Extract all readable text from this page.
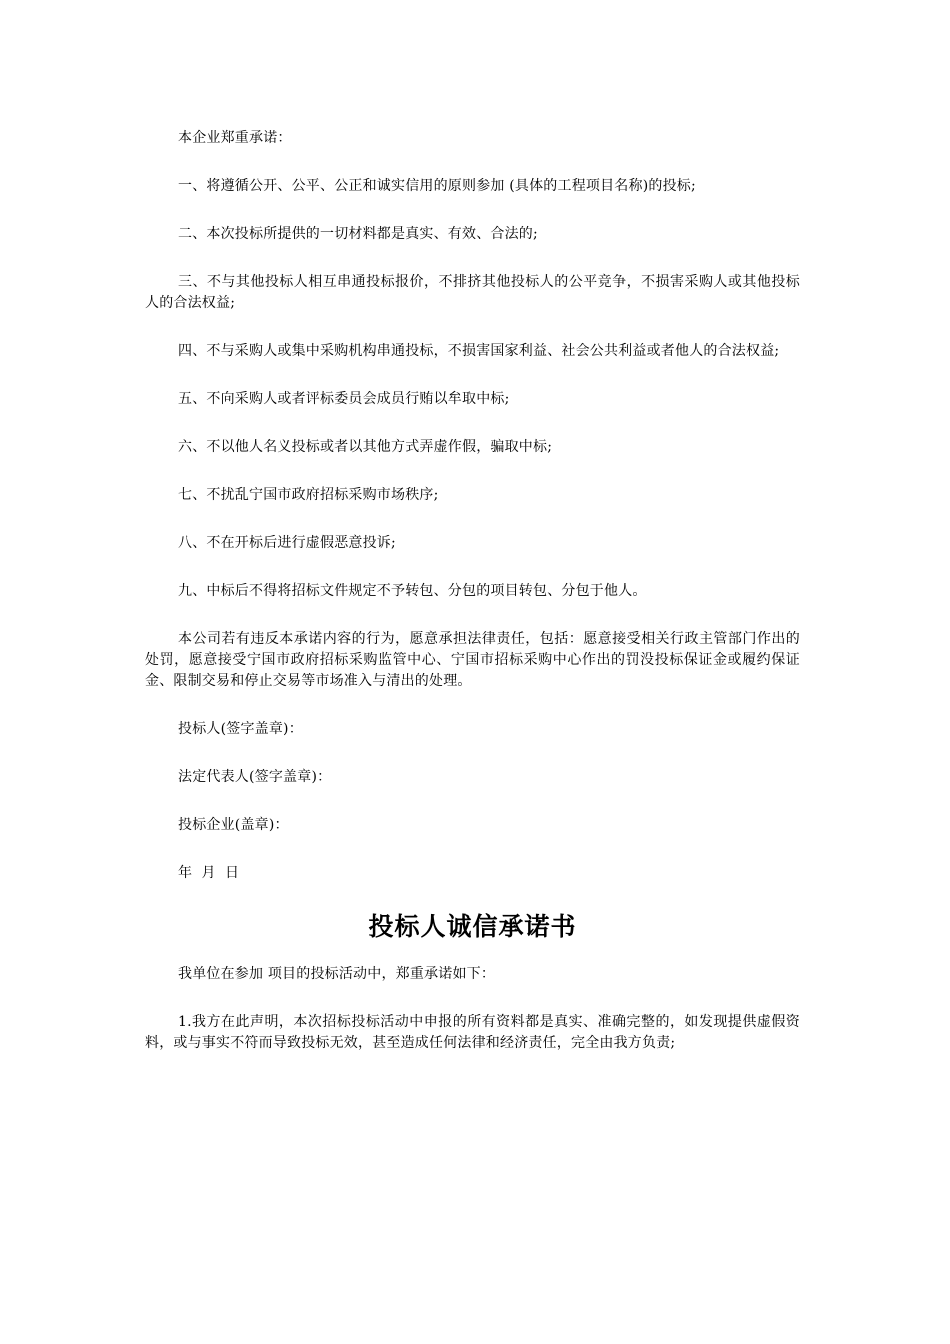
本企业郑重承诺：

一、将遵循公开、公平、公正和诚实信用的原则参加 (具体的工程项目名称)的投标;

二、本次投标所提供的一切材料都是真实、有效、合法的;

三、不与其他投标人相互串通投标报价，不排挤其他投标人的公平竞争，不损害采购人或其他投标人的合法权益;

四、不与采购人或集中采购机构串通投标，不损害国家利益、社会公共利益或者他人的合法权益;

五、不向采购人或者评标委员会成员行贿以牟取中标;

六、不以他人名义投标或者以其他方式弄虚作假，骗取中标;

七、不扰乱宁国市政府招标采购市场秩序;

八、不在开标后进行虚假恶意投诉;

九、中标后不得将招标文件规定不予转包、分包的项目转包、分包于他人。

本公司若有违反本承诺内容的行为，愿意承担法律责任，包括：愿意接受相关行政主管部门作出的处罚，愿意接受宁国市政府招标采购监管中心、宁国市招标采购中心作出的罚没投标保证金或履约保证金、限制交易和停止交易等市场准入与清出的处理。

投标人(签字盖章)：

法定代表人(签字盖章)：

投标企业(盖章)：

年  月  日

投标人诚信承诺书

我单位在参加 项目的投标活动中，郑重承诺如下：

1.我方在此声明，本次招标投标活动中申报的所有资料都是真实、准确完整的，如发现提供虚假资料，或与事实不符而导致投标无效，甚至造成任何法律和经济责任，完全由我方负责;
